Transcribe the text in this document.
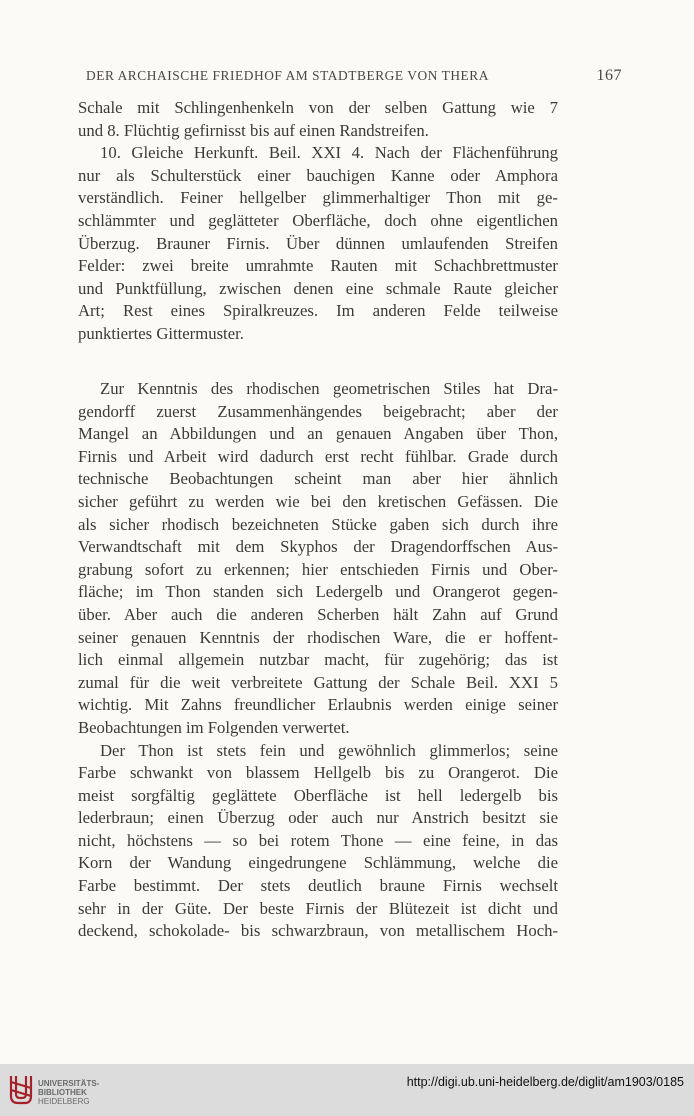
DER ARCHAISCHE FRIEDHOF AM STADTBERGE VON THERA	167
Schale mit Schlingenhenkeln von der selben Gattung wie 7
und 8. Flüchtig gefirnisst bis auf einen Randstreifen.
10. Gleiche Herkunft. Beil. XXI 4. Nach der Flächenführung
nur als Schulterstück einer bauchigen Kanne oder Amphora
verständlich. Feiner hellgelber glimmerhaltiger Thon mit ge-
schlämmter und geglätteter Oberfläche, doch ohne eigentlichen
Überzug. Brauner Firnis. Über dünnen umlaufenden Streifen
Felder: zwei breite umrahmte Rauten mit Schachbrettmuster
und Punktfüllung, zwischen denen eine schmale Raute gleicher
Art; Rest eines Spiralkreuzes. Im anderen Felde teilweise
punktiertes Gittermuster.
Zur Kenntnis des rhodischen geometrischen Stiles hat Dra-
gendorff zuerst Zusammenhängendes beigebracht; aber der
Mangel an Abbildungen und an genauen Angaben über Thon,
Firnis und Arbeit wird dadurch erst recht fühlbar. Grade durch
technische Beobachtungen scheint man aber hier ähnlich
sicher geführt zu werden wie bei den kretischen Gefässen. Die
als sicher rhodisch bezeichneten Stücke gaben sich durch ihre
Verwandtschaft mit dem Skyphos der Dragendorffschen Aus-
grabung sofort zu erkennen; hier entschieden Firnis und Ober-
fläche; im Thon standen sich Ledergelb und Orangerot gegen-
über. Aber auch die anderen Scherben hält Zahn auf Grund
seiner genauen Kenntnis der rhodischen Ware, die er hoffent-
lich einmal allgemein nutzbar macht, für zugehörig; das ist
zumal für die weit verbreitete Gattung der Schale Beil. XXI 5
wichtig. Mit Zahns freundlicher Erlaubnis werden einige seiner
Beobachtungen im Folgenden verwertet.
Der Thon ist stets fein und gewöhnlich glimmerlos; seine
Farbe schwankt von blassem Hellgelb bis zu Orangerot. Die
meist sorgfältig geglättete Oberfläche ist hell ledergelb bis
lederbraun; einen Überzug oder auch nur Anstrich besitzt sie
nicht, höchstens — so bei rotem Thone — eine feine, in das
Korn der Wandung eingedrungene Schlämmung, welche die
Farbe bestimmt. Der stets deutlich braune Firnis wechselt
sehr in der Güte. Der beste Firnis der Blütezeit ist dicht und
deckend, schokolade- bis schwarzbraun, von metallischem Hoch-
UNIVERSITÄTS-
BIBLIOTHEK
HEIDELBERG
http://digi.ub.uni-heidelberg.de/diglit/am1903/0185
